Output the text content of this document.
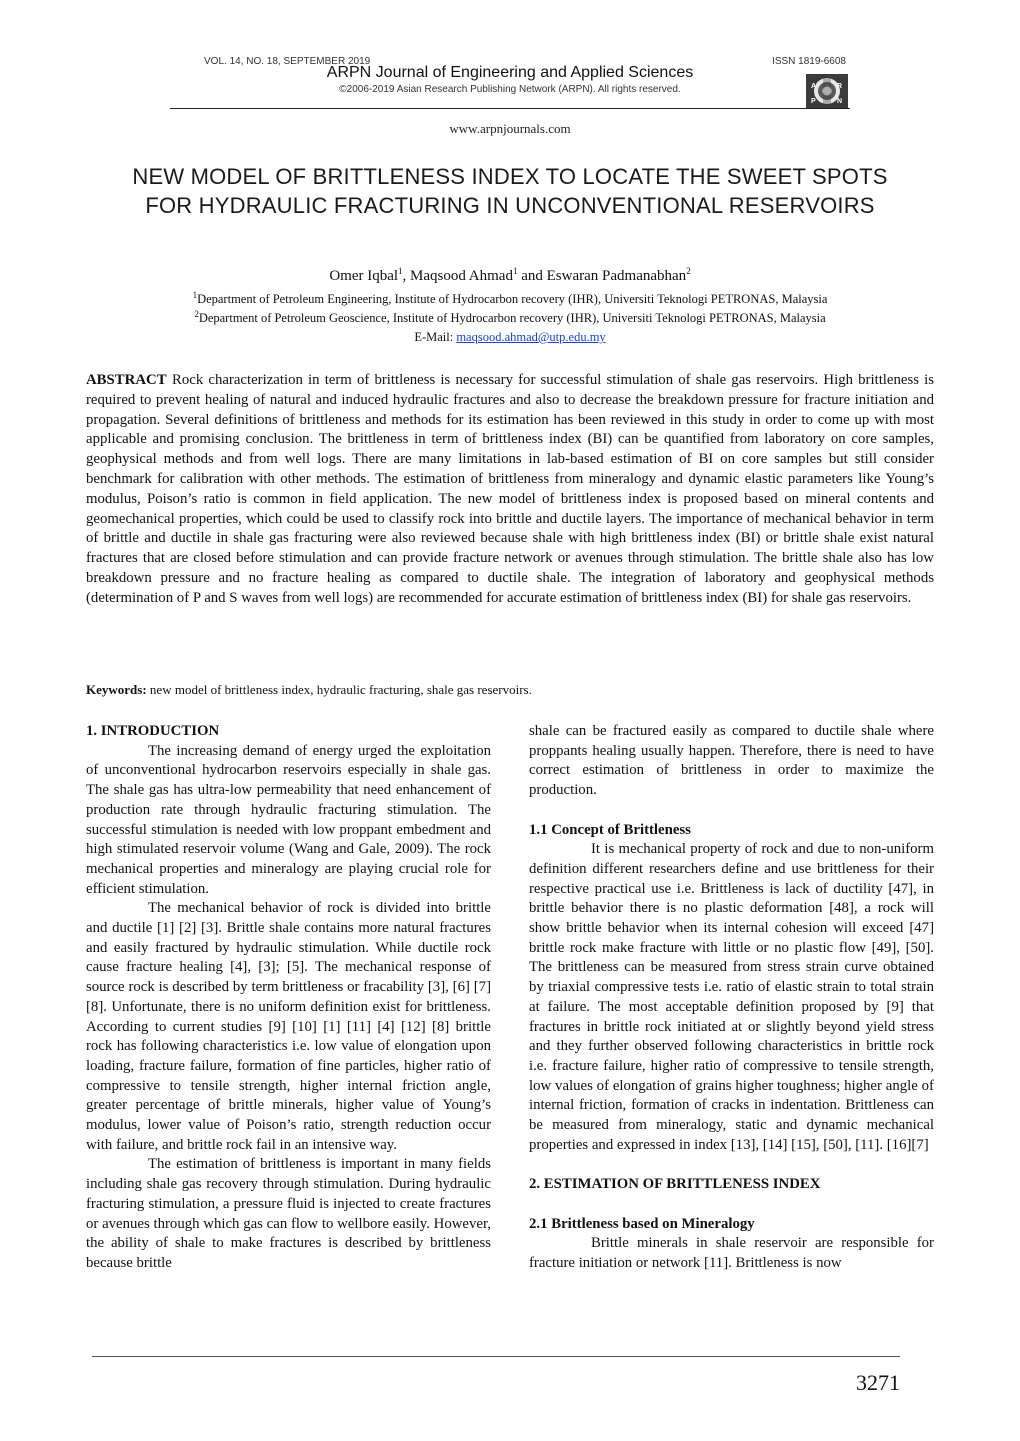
VOL. 14, NO. 18, SEPTEMBER 2019	ISSN 1819-6608
ARPN Journal of Engineering and Applied Sciences
©2006-2019 Asian Research Publishing Network (ARPN). All rights reserved.	A	R
P	N
www.arpnjournals.com
NEW MODEL OF BRITTLENESS INDEX TO LOCATE THE SWEET SPOTS FOR HYDRAULIC FRACTURING IN UNCONVENTIONAL RESERVOIRS
Omer Iqbal$^1$, Maqsood Ahmad$^1$ and Eswaran Padmanabhan$^2$
$^1$Department of Petroleum Engineering, Institute of Hydrocarbon recovery (IHR), Universiti Teknologi PETRONAS, Malaysia
$^2$Department of Petroleum Geoscience, Institute of Hydrocarbon recovery (IHR), Universiti Teknologi PETRONAS, Malaysia
E-Mail: maqsood.ahmad@utp.edu.my
ABSTRACT Rock characterization in term of brittleness is necessary for successful stimulation of shale gas reservoirs. High brittleness is required to prevent healing of natural and induced hydraulic fractures and also to decrease the breakdown pressure for fracture initiation and propagation. Several definitions of brittleness and methods for its estimation has been reviewed in this study in order to come up with most applicable and promising conclusion. The brittleness in term of brittleness index (BI) can be quantified from laboratory on core samples, geophysical methods and from well logs. There are many limitations in lab-based estimation of BI on core samples but still consider benchmark for calibration with other methods. The estimation of brittleness from mineralogy and dynamic elastic parameters like Young’s modulus, Poison’s ratio is common in field application. The new model of brittleness index is proposed based on mineral contents and geomechanical properties, which could be used to classify rock into brittle and ductile layers. The importance of mechanical behavior in term of brittle and ductile in shale gas fracturing were also reviewed because shale with high brittleness index (BI) or brittle shale exist natural fractures that are closed before stimulation and can provide fracture network or avenues through stimulation. The brittle shale also has low breakdown pressure and no fracture healing as compared to ductile shale. The integration of laboratory and geophysical methods (determination of P and S waves from well logs) are recommended for accurate estimation of brittleness index (BI) for shale gas reservoirs.
Keywords: new model of brittleness index, hydraulic fracturing, shale gas reservoirs.
1. INTRODUCTION

The increasing demand of energy urged the exploitation of unconventional hydrocarbon reservoirs especially in shale gas. The shale gas has ultra-low permeability that need enhancement of production rate through hydraulic fracturing stimulation. The successful stimulation is needed with low proppant embedment and high stimulated reservoir volume (Wang and Gale, 2009). The rock mechanical properties and mineralogy are playing crucial role for efficient stimulation.

The mechanical behavior of rock is divided into brittle and ductile [1] [2] [3]. Brittle shale contains more natural fractures and easily fractured by hydraulic stimulation. While ductile rock cause fracture healing [4], [3]; [5]. The mechanical response of source rock is described by term brittleness or fracability [3], [6] [7] [8]. Unfortunate, there is no uniform definition exist for brittleness. According to current studies [9] [10] [1] [11] [4] [12] [8] brittle rock has following characteristics i.e. low value of elongation upon loading, fracture failure, formation of fine particles, higher ratio of compressive to tensile strength, higher internal friction angle, greater percentage of brittle minerals, higher value of Young’s modulus, lower value of Poison’s ratio, strength reduction occur with failure, and brittle rock fail in an intensive way.

The estimation of brittleness is important in many fields including shale gas recovery through stimulation. During hydraulic fracturing stimulation, a pressure fluid is injected to create fractures or avenues through which gas can flow to wellbore easily. However, the ability of shale to make fractures is described by brittleness because brittle

shale can be fractured easily as compared to ductile shale where proppants healing usually happen. Therefore, there is need to have correct estimation of brittleness in order to maximize the production.

1.1 Concept of Brittleness

It is mechanical property of rock and due to non-uniform definition different researchers define and use brittleness for their respective practical use i.e. Brittleness is lack of ductility [47], in brittle behavior there is no plastic deformation [48], a rock will show brittle behavior when its internal cohesion will exceed [47] brittle rock make fracture with little or no plastic flow [49], [50]. The brittleness can be measured from stress strain curve obtained by triaxial compressive tests i.e. ratio of elastic strain to total strain at failure. The most acceptable definition proposed by [9] that fractures in brittle rock initiated at or slightly beyond yield stress and they further observed following characteristics in brittle rock i.e. fracture failure, higher ratio of compressive to tensile strength, low values of elongation of grains higher toughness; higher angle of internal friction, formation of cracks in indentation. Brittleness can be measured from mineralogy, static and dynamic mechanical properties and expressed in index [13], [14] [15], [50], [11]. [16][7]

2. ESTIMATION OF BRITTLENESS INDEX
2.1 Brittleness based on Mineralogy

Brittle minerals in shale reservoir are responsible for fracture initiation or network [11]. Brittleness is now

3271
